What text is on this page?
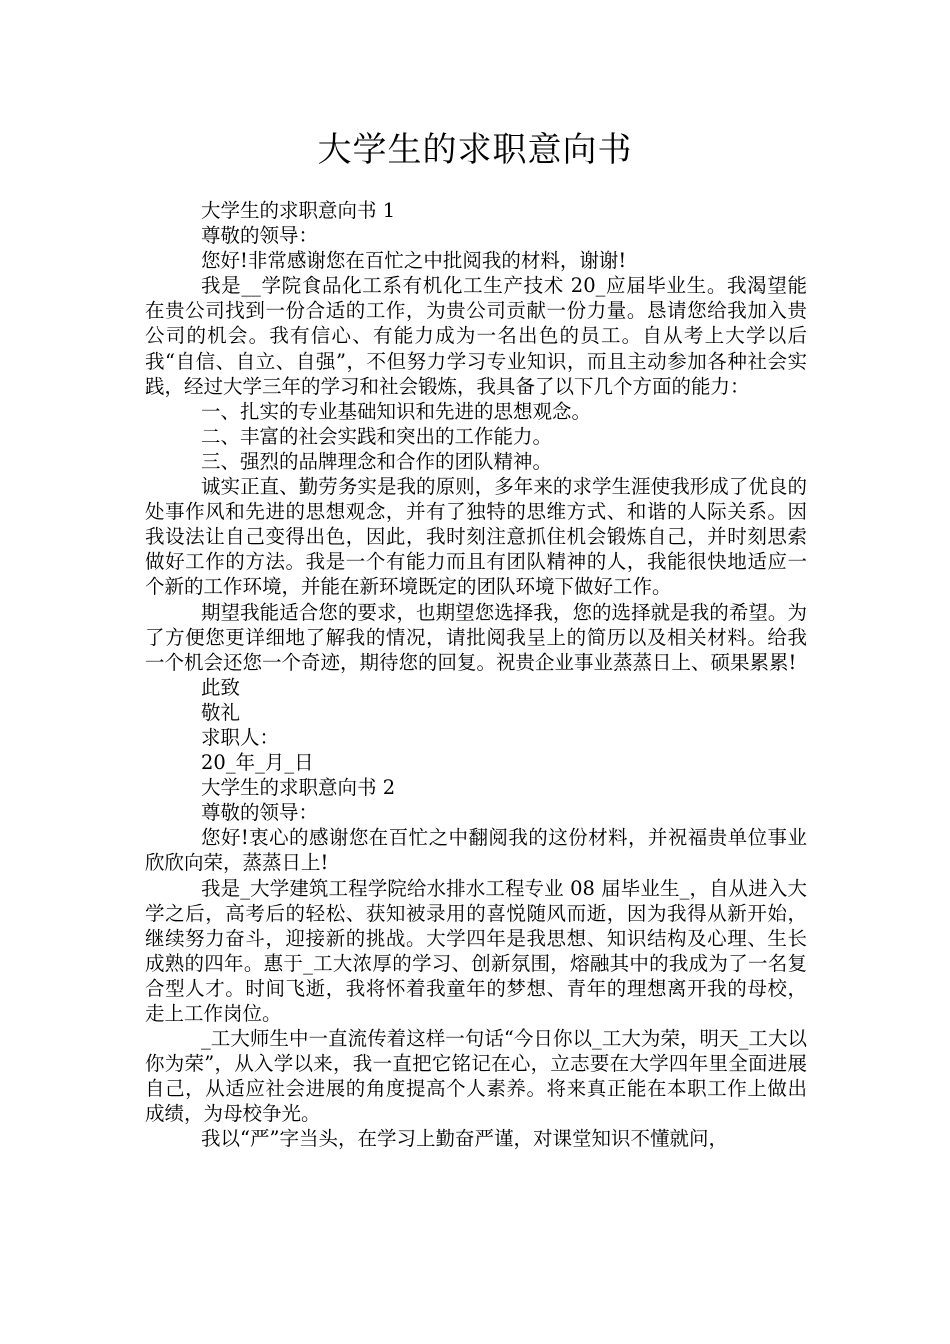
大学生的求职意向书

大学生的求职意向书 1

尊敬的领导：

您好!非常感谢您在百忙之中批阅我的材料，谢谢!

我是__学院食品化工系有机化工生产技术 20_应届毕业生。我渴望能在贵公司找到一份合适的工作，为贵公司贡献一份力量。恳请您给我加入贵公司的机会。我有信心、有能力成为一名出色的员工。自从考上大学以后我“自信、自立、自强”，不但努力学习专业知识，而且主动参加各种社会实践，经过大学三年的学习和社会锻炼，我具备了以下几个方面的能力：

一、扎实的专业基础知识和先进的思想观念。

二、丰富的社会实践和突出的工作能力。

三、强烈的品牌理念和合作的团队精神。

诚实正直、勤劳务实是我的原则，多年来的求学生涯使我形成了优良的处事作风和先进的思想观念，并有了独特的思维方式、和谐的人际关系。因我设法让自己变得出色，因此，我时刻注意抓住机会锻炼自己，并时刻思索做好工作的方法。我是一个有能力而且有团队精神的人，我能很快地适应一个新的工作环境，并能在新环境既定的团队环境下做好工作。

期望我能适合您的要求，也期望您选择我，您的选择就是我的希望。为了方便您更详细地了解我的情况，请批阅我呈上的简历以及相关材料。给我一个机会还您一个奇迹，期待您的回复。祝贵企业事业蒸蒸日上、硕果累累!

此致

敬礼

求职人：

20_年_月_日

大学生的求职意向书 2

尊敬的领导：

您好!衷心的感谢您在百忙之中翻阅我的这份材料，并祝福贵单位事业欣欣向荣，蒸蒸日上!

我是_大学建筑工程学院给水排水工程专业 08 届毕业生_，自从进入大学之后，高考后的轻松、获知被录用的喜悦随风而逝，因为我得从新开始，继续努力奋斗，迎接新的挑战。大学四年是我思想、知识结构及心理、生长成熟的四年。惠于_工大浓厚的学习、创新氛围，熔融其中的我成为了一名复合型人才。时间飞逝，我将怀着我童年的梦想、青年的理想离开我的母校，走上工作岗位。

_工大师生中一直流传着这样一句话“今日你以_工大为荣，明天_工大以你为荣”，从入学以来，我一直把它铭记在心，立志要在大学四年里全面进展自己，从适应社会进展的角度提高个人素养。将来真正能在本职工作上做出成绩，为母校争光。

我以“严”字当头，在学习上勤奋严谨，对课堂知识不懂就问，
